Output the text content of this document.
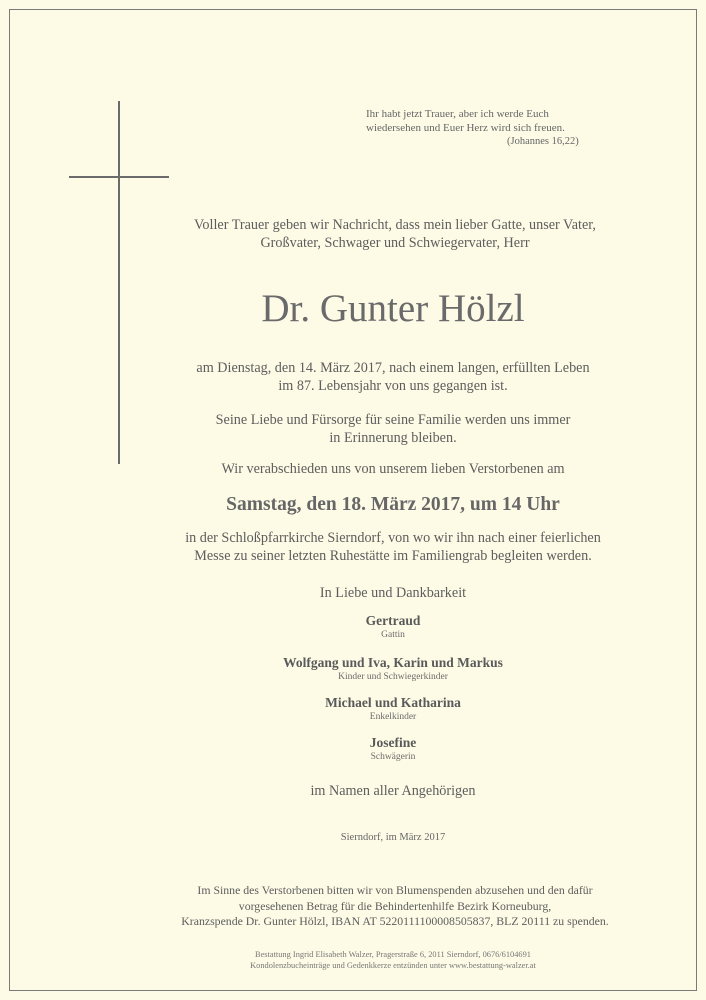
Ihr habt jetzt Trauer, aber ich werde Euch
wiedersehen und Euer Herz wird sich freuen.
(Johannes 16,22)
Voller Trauer geben wir Nachricht, dass mein lieber Gatte, unser Vater,
Großvater, Schwager und Schwiegervater, Herr
Dr. Gunter Hölzl
am Dienstag, den 14. März 2017, nach einem langen, erfüllten Leben
im 87. Lebensjahr von uns gegangen ist.
Seine Liebe und Fürsorge für seine Familie werden uns immer
in Erinnerung bleiben.
Wir verabschieden uns von unserem lieben Verstorbenen am
Samstag, den 18. März 2017, um 14 Uhr
in der Schloßpfarrkirche Sierndorf, von wo wir ihn nach einer feierlichen
Messe zu seiner letzten Ruhestätte im Familiengrab begleiten werden.
In Liebe und Dankbarkeit
Gertraud
Gattin
Wolfgang und Iva, Karin und Markus
Kinder und Schwiegerkinder
Michael und Katharina
Enkelkinder
Josefine
Schwägerin
im Namen aller Angehörigen
Sierndorf, im März 2017
Im Sinne des Verstorbenen bitten wir von Blumenspenden abzusehen und den dafür
vorgesehenen Betrag für die Behindertenhilfe Bezirk Korneuburg,
Kranzspende Dr. Gunter Hölzl, IBAN AT 5220111100008505837, BLZ 20111 zu spenden.
Bestattung Ingrid Elisabeth Walzer, Pragerstraße 6, 2011 Sierndorf, 0676/6104691
Kondolenzbucheinträge und Gedenkkerze entzünden unter www.bestattung-walzer.at
